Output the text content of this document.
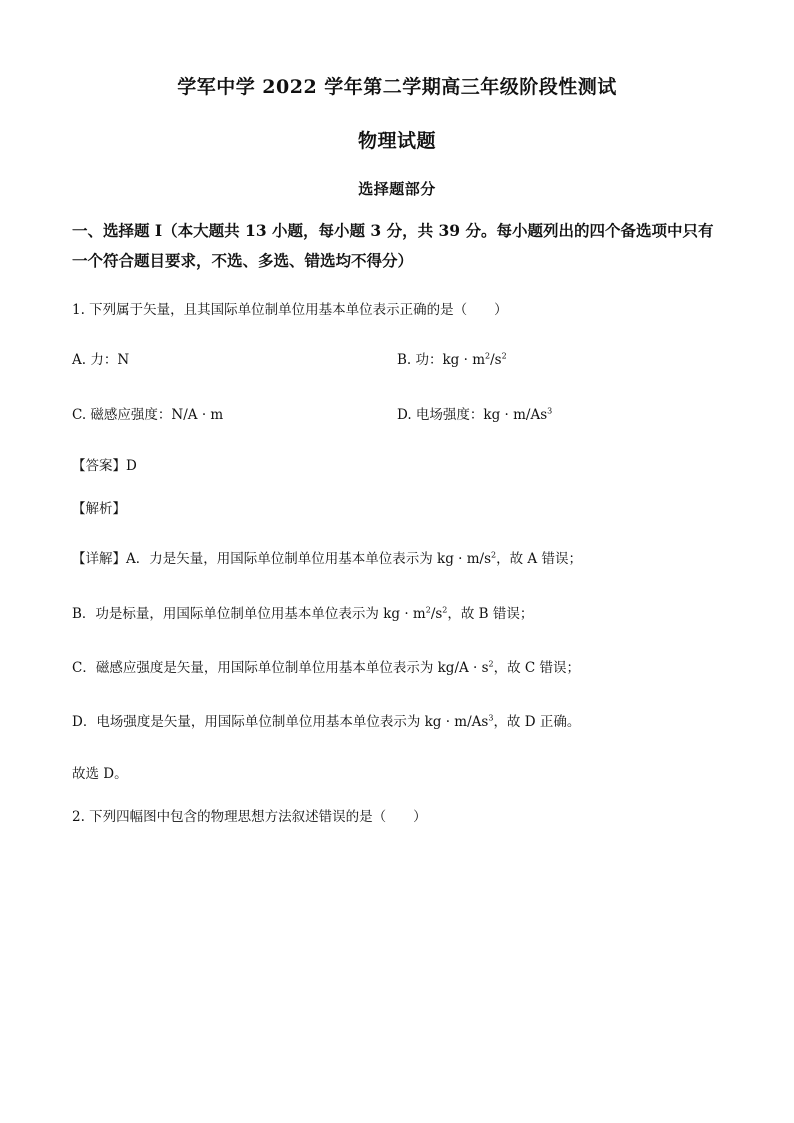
学军中学 2022 学年第二学期高三年级阶段性测试
物理试题
选择题部分
一、选择题 I（本大题共 13 小题，每小题 3 分，共 39 分。每小题列出的四个备选项中只有一个符合题目要求，不选、多选、错选均不得分）
1. 下列属于矢量，且其国际单位制单位用基本单位表示正确的是（　　）
A. 力：N	B. 功：kg · $m^2/s^2$
C. 磁感应强度：N/A · m	D. 电场强度：kg · $m/As^3$
【答案】D
【解析】
【详解】A．力是矢量，用国际单位制单位用基本单位表示为 kg · $m/s^2$，故 A 错误；
B．功是标量，用国际单位制单位用基本单位表示为 kg · $m^2/s^2$，故 B 错误；
C．磁感应强度是矢量，用国际单位制单位用基本单位表示为 $kg/A \cdot s^2$，故 C 错误；
D．电场强度是矢量，用国际单位制单位用基本单位表示为 kg · $m/As^3$，故 D 正确。
故选 D。
2. 下列四幅图中包含的物理思想方法叙述错误的是（　　）
